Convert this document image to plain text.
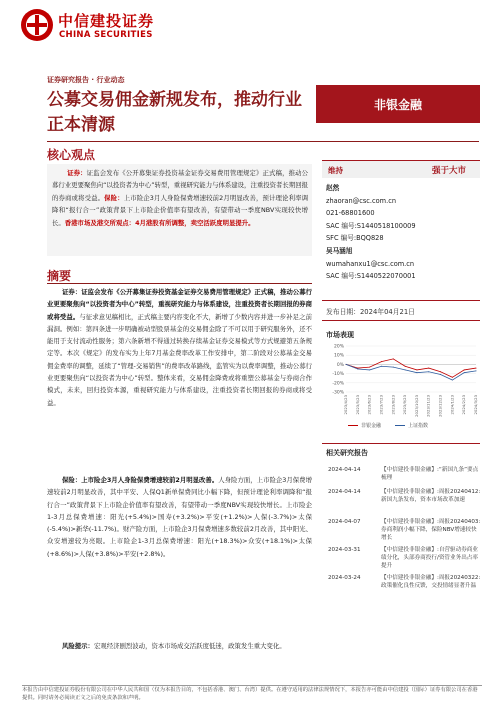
中信建投证券
CHINA SECURITIES
证券研究报告 · 行业动态
公募交易佣金新规发布，推动行业正本清源
非银金融
核心观点
证券：证监会发布《公开募集证券投资基金证券交易费用管理规定》正式稿，推动公募行业更要聚焦向“以投资者为中心”转型，重视研究能力与体系建设，注重投资者长期回报的券商或将受益。保险：上市险企3月人身险保费增速较前2月明显改善，预计理论利率调降和“报行合一”政策背景下上市险企价值率有望改善，有望带动一季度NBV实现较快增长。香港市场及港交所观点：4月港股有所调整，卖空活跃度明显提升。
摘要
证券：证监会发布《公开募集证券投资基金证券交易费用管理规定》正式稿，推动公募行业更要聚焦向“以投资者为中心”转型，重视研究能力与体系建设，注重投资者长期回报的券商或将受益。与征求意见稿相比，正式稿主要内容变化不大，新增了少数内容并进一步补足之前漏洞。例如：第四条进一步明确被动型股票基金的交易佣金除了不可以用于研究服务外，还不能用于支付流动性服务；第六条新增不得通过转换存续基金证券交易模式等方式规避第五条规定等。本次《规定》的发布实为上年7月基金费率改革工作安排中，第二阶段对公募基金交易佣金费率的调整，延续了“管理-交易销售”的费率改革路线，监管实为以费率调整，推动公募行业更要聚焦向“以投资者为中心”转型。整体来看，交易佣金降费或将重塑公募基金与券商合作模式，未来，回归投资本源，重视研究能力与体系建设，注重投资者长期回报的券商或将受益。
保险：上市险企3月人身险保费增速较前2月明显改善。人身险方面，上市险企3月保费增速较前2月明显改善，其中平安、人保Q1新单保费同比小幅下降，但预计理论利率调降和“报行合一”政策背景下上市险企价值率有望改善，有望带动一季度NBV实现较快增长。上市险企1-3月总保费增速：阳光(+5.4%)>国寿(+3.2%)>平安(+1.2%)>人保(-3.7%)>太保(-5.4%)>新华(-11.7%)。财产险方面，上市险企3月保费增速多数较前2月改善，其中阳光、众安增速较为亮眼。上市险企1-3月总保费增速：阳光(+18.3%)>众安(+18.1%)>太保(+8.6%)>人保(+3.8%)>平安(+2.8%)。
风险提示：宏观经济剧烈波动，资本市场成交活跃度低迷，政策发生重大变化。
维持	强于大市
赵然
zhaoran@csc.com.cn
021-68801600
SAC 编号:S1440518100009
SFC 编号:BQQ828
吴马涵旭
wumahanxu1@csc.com.cn
SAC 编号:S1440522070001
发布日期：2024年04月21日
市场表现
20%
10%
0%
-10%
-20%
-30%
2023/4/23 2023/5/23 2023/6/23 2023/7/23 2023/8/23 2023/9/23 2023/10/23 2023/11/23 2023/12/23 2024/1/23 2024/2/23 2024/3/23
非银金融	上证指数
相关研究报告
2024-04-14	【中信建投非银金融】:“新国九条”要点梳理
2024-04-14	【中信建投非银金融】:周报20240412:新国九条发布，资本市场改革加速
2024-04-07	【中信建投非银金融】:周报20240403:券商利润小幅下降，保险NBV增速较快增长
2024-03-31	【中信建投非银金融】:自营驱动券商业绩分化，头部券商投行/资管业务出占率提升
2024-03-24	【中信建投非银金融】:周报20240322:政策催化良性反馈，交投情绪显著升温
本报告由中信建投证券股份有限公司在中华人民共和国（仅为本报告目的，不包括香港、澳门、台湾）提供。在遵守适用的法律法规情况下，本报告亦可能由中信建投（国际）证券有限公司在香港提供。同时请务必阅读正文之后的免责条款和声明。
